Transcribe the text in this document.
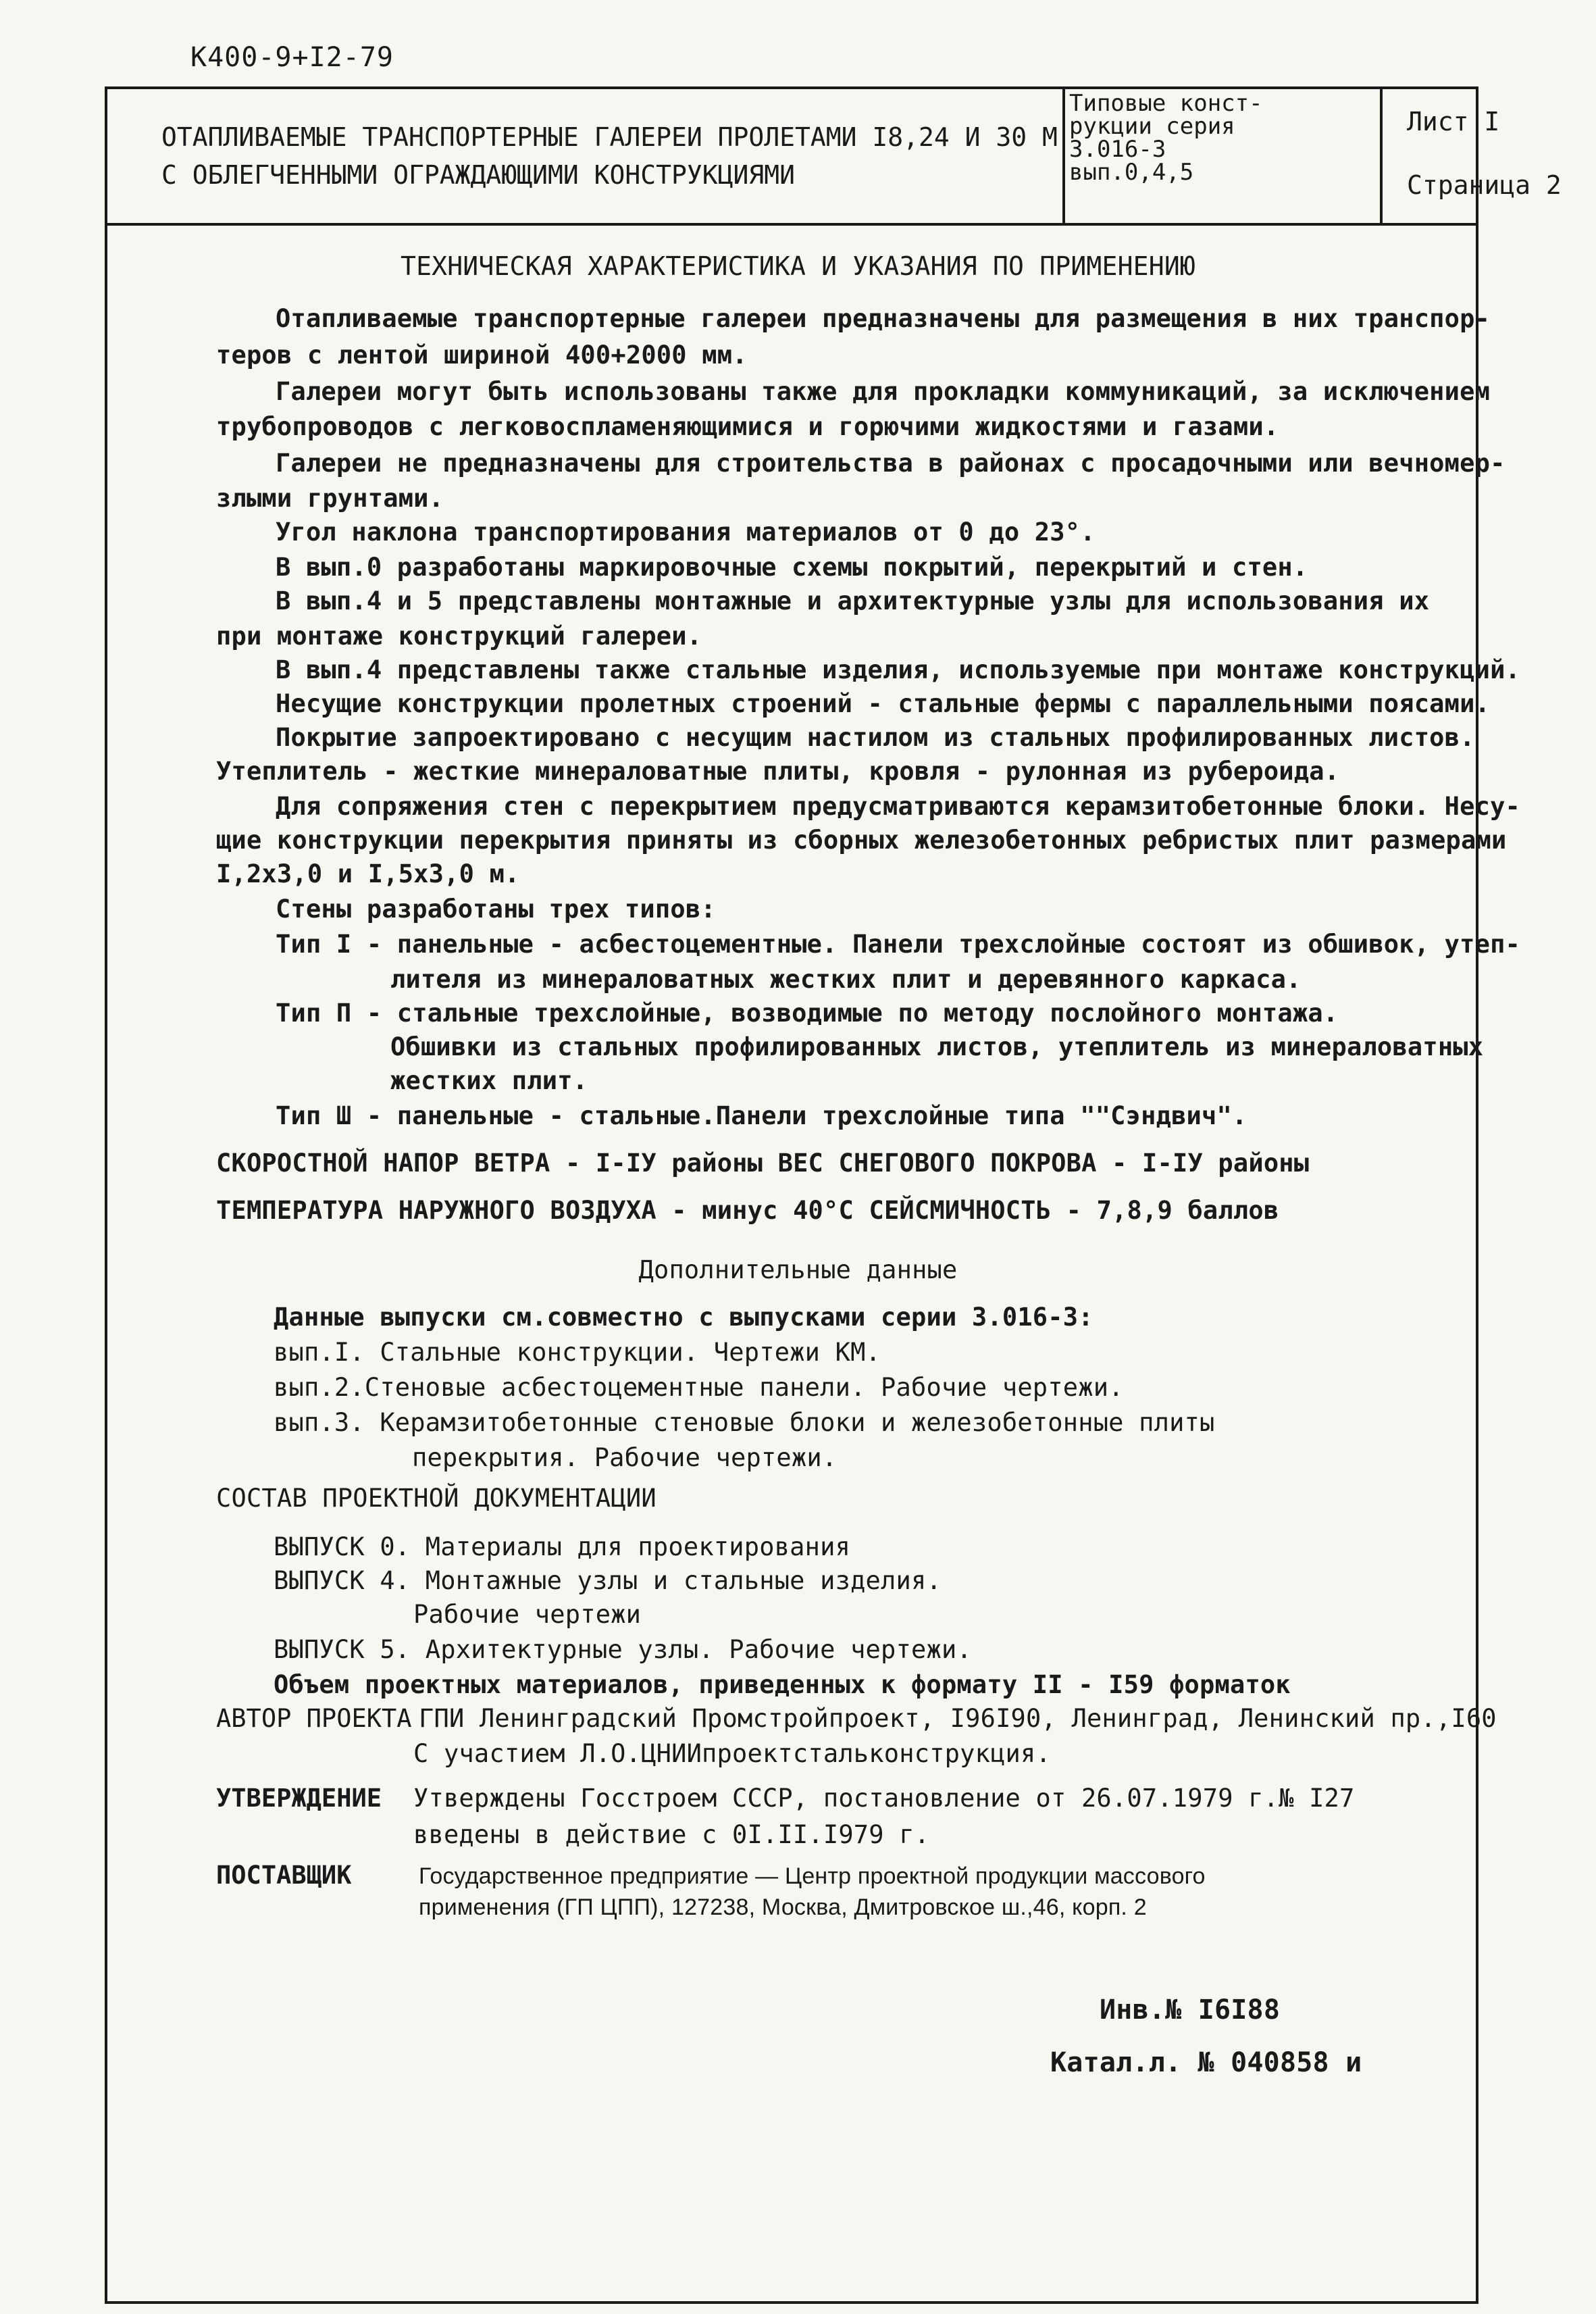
К400-9+I2-79
ОТАПЛИВАЕМЫЕ ТРАНСПОРТЕРНЫЕ ГАЛЕРЕИ ПРОЛЕТАМИ I8,24 И 30 М
С ОБЛЕГЧЕННЫМИ ОГРАЖДАЮЩИМИ КОНСТРУКЦИЯМИ
Типовые конст-
рукции серия
3.016-3
вып.0,4,5
Лист I
Страница 2
ТЕХНИЧЕСКАЯ ХАРАКТЕРИСТИКА И УКАЗАНИЯ ПО ПРИМЕНЕНИЮ
Отапливаемые транспортерные галереи предназначены для размещения в них транспор-
теров с лентой шириной 400+2000 мм.
Галереи могут быть использованы также для прокладки коммуникаций, за исключением
трубопроводов с легковоспламеняющимися и горючими жидкостями и газами.
Галереи не предназначены для строительства в районах с просадочными или вечномер-
злыми грунтами.
Угол наклона транспортирования материалов от 0 до 23°.
В вып.0 разработаны маркировочные схемы покрытий, перекрытий и стен.
В вып.4 и 5 представлены монтажные и архитектурные узлы для использования их
при монтаже конструкций галереи.
В вып.4 представлены также стальные изделия, используемые при монтаже конструкций.
Несущие конструкции пролетных строений - стальные фермы с параллельными поясами.
Покрытие запроектировано с несущим настилом из стальных профилированных листов.
Утеплитель - жесткие минераловатные плиты, кровля - рулонная из рубероида.
Для сопряжения стен с перекрытием предусматриваются керамзитобетонные блоки. Несу-
щие конструкции перекрытия приняты из сборных железобетонных ребристых плит размерами
I,2х3,0 и I,5х3,0 м.
Стены разработаны трех типов:
Тип I - панельные - асбестоцементные. Панели трехслойные состоят из обшивок, утеп-
лителя из минераловатных жестких плит и деревянного каркаса.
Тип П - стальные трехслойные, возводимые по методу послойного монтажа.
Обшивки из стальных профилированных листов, утеплитель из минераловатных
жестких плит.
Тип Ш - панельные - стальные.Панели трехслойные типа ""Сэндвич".
СКОРОСТНОЙ НАПОР ВЕТРА - I-IУ районы ВЕС СНЕГОВОГО ПОКРОВА - I-IУ районы
ТЕМПЕРАТУРА НАРУЖНОГО ВОЗДУХА - минус 40°С СЕЙСМИЧНОСТЬ - 7,8,9 баллов
Дополнительные данные
Данные выпуски см.совместно с выпусками серии 3.016-3:
вып.I. Стальные конструкции. Чертежи КМ.
вып.2.Стеновые асбестоцементные панели. Рабочие чертежи.
вып.3. Керамзитобетонные стеновые блоки и железобетонные плиты
перекрытия. Рабочие чертежи.
СОСТАВ ПРОЕКТНОЙ ДОКУМЕНТАЦИИ
ВЫПУСК 0. Материалы для проектирования
ВЫПУСК 4. Монтажные узлы и стальные изделия.
Рабочие чертежи
ВЫПУСК 5. Архитектурные узлы. Рабочие чертежи.
Объем проектных материалов, приведенных к формату II - I59 форматок
АВТОР ПРОЕКТА ГПИ Ленинградский Промстройпроект, I96I90, Ленинград, Ленинский пр.,I60
С участием Л.О.ЦНИИпроектстальконструкция.
УТВЕРЖДЕНИЕ Утверждены Госстроем СССР, постановление от 26.07.1979 г.№ I27
введены в действие с 0I.II.I979 г.
ПОСТАВЩИК	Государственное предприятие — Центр проектной продукции массового
применения (ГП ЦПП), 127238, Москва, Дмитровское ш.,46, корп. 2
Инв.№ I6I88
Катал.л. № 040858 и
